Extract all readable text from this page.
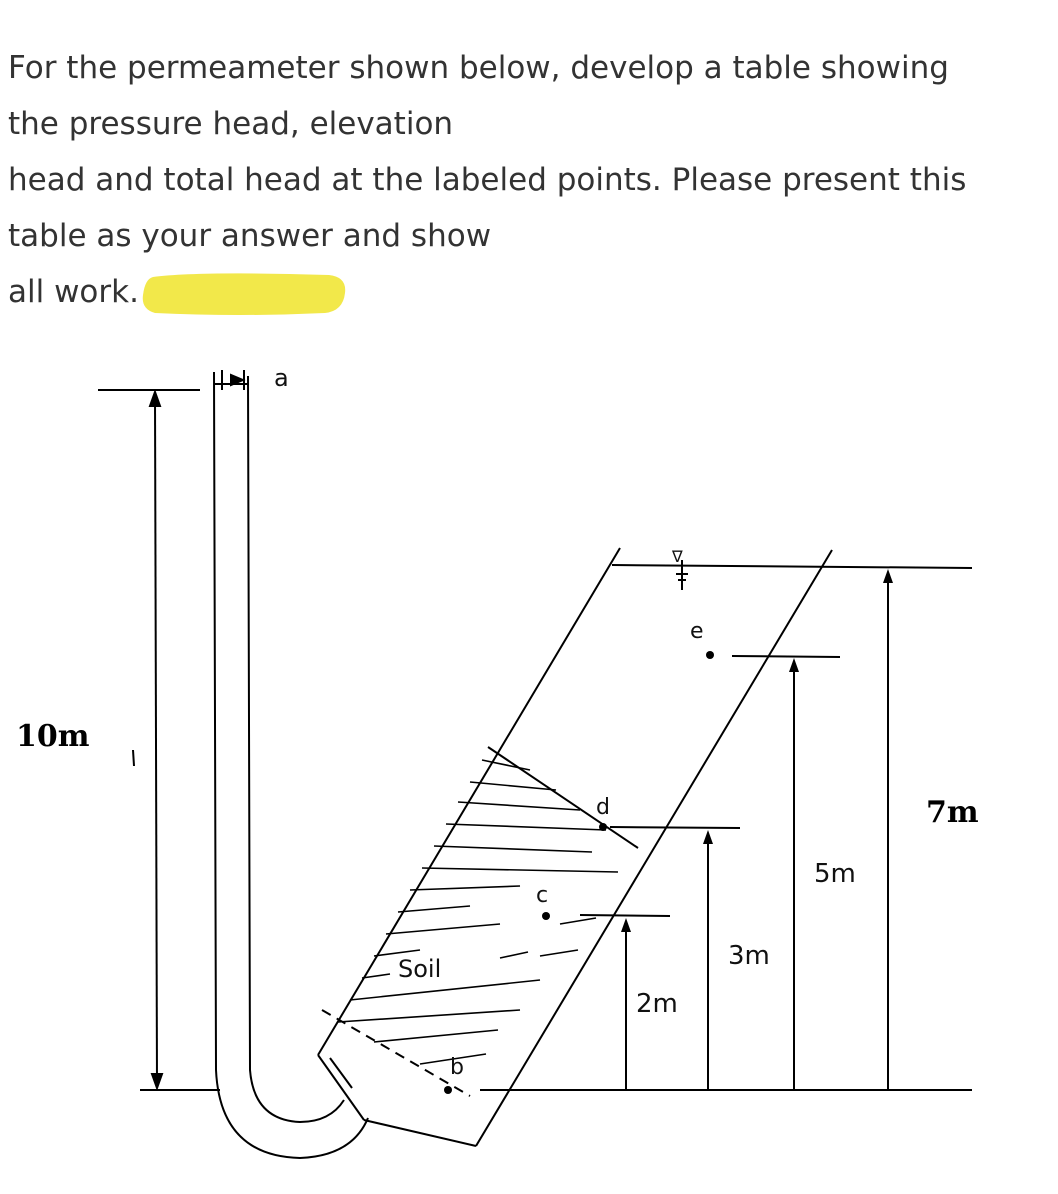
For the permeameter shown below, develop a table showing
the pressure head, elevation
head and total head at the labeled points. Please present this
table as your answer and show
all work.
∇
a
e
d
c
b
Soil
10m
7m
5m
3m
2m
